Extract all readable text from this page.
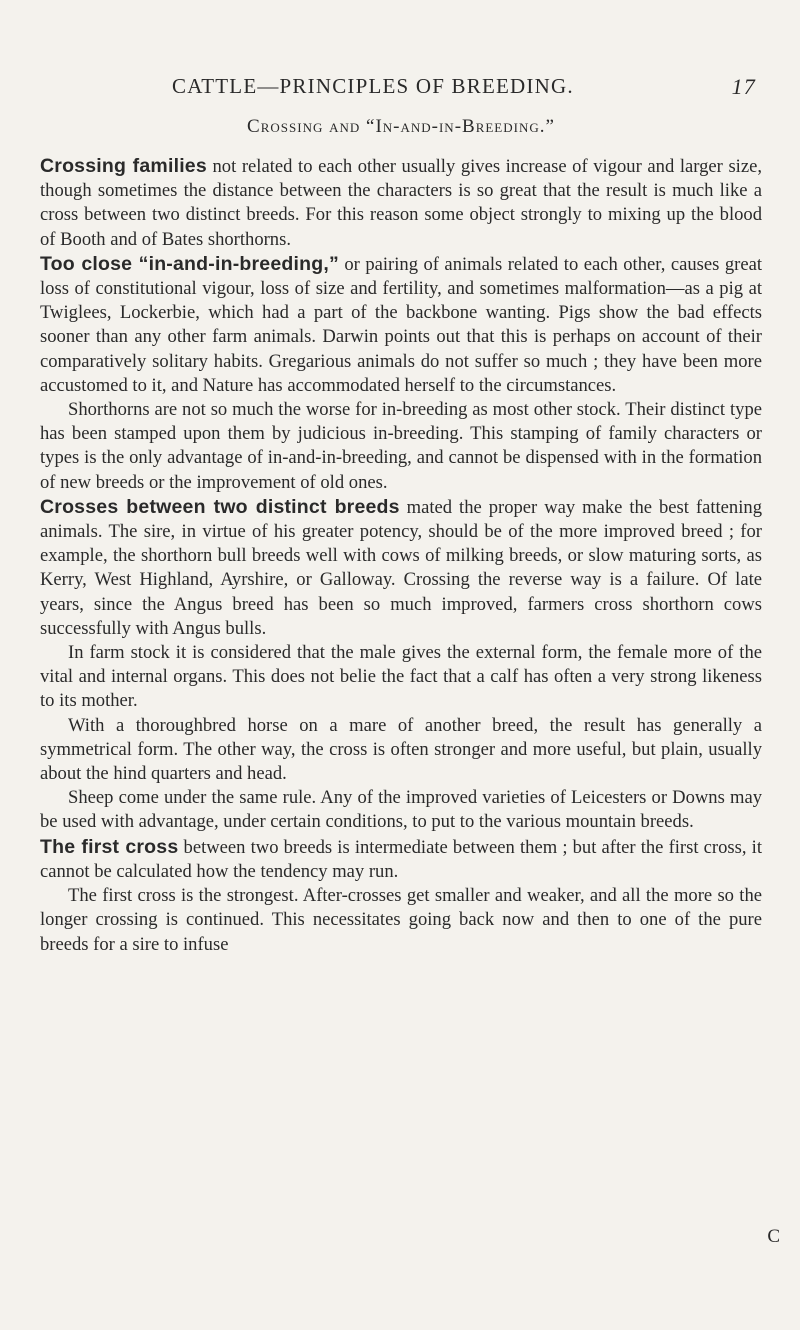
CATTLE—PRINCIPLES OF BREEDING.	17
Crossing and “In-and-in-Breeding.”

Crossing families not related to each other usually gives increase of vigour and larger size, though sometimes the distance between the characters is so great that the result is much like a cross between two distinct breeds. For this reason some object strongly to mixing up the blood of Booth and of Bates shorthorns.

Too close “in-and-in-breeding,” or pairing of animals related to each other, causes great loss of constitutional vigour, loss of size and fertility, and sometimes malformation—as a pig at Twiglees, Lockerbie, which had a part of the backbone wanting. Pigs show the bad effects sooner than any other farm animals. Darwin points out that this is perhaps on account of their comparatively solitary habits. Gregarious animals do not suffer so much ; they have been more accustomed to it, and Nature has accommodated herself to the circumstances.

Shorthorns are not so much the worse for in-breeding as most other stock. Their distinct type has been stamped upon them by judicious in-breeding. This stamping of family characters or types is the only advantage of in-and-in-breeding, and cannot be dispensed with in the formation of new breeds or the improvement of old ones.

Crosses between two distinct breeds mated the proper way make the best fattening animals. The sire, in virtue of his greater potency, should be of the more improved breed ; for example, the shorthorn bull breeds well with cows of milking breeds, or slow maturing sorts, as Kerry, West Highland, Ayrshire, or Galloway. Crossing the reverse way is a failure. Of late years, since the Angus breed has been so much improved, farmers cross shorthorn cows successfully with Angus bulls.

In farm stock it is considered that the male gives the external form, the female more of the vital and internal organs. This does not belie the fact that a calf has often a very strong likeness to its mother.

With a thoroughbred horse on a mare of another breed, the result has generally a symmetrical form. The other way, the cross is often stronger and more useful, but plain, usually about the hind quarters and head.

Sheep come under the same rule. Any of the improved varieties of Leicesters or Downs may be used with advantage, under certain conditions, to put to the various mountain breeds.

The first cross between two breeds is intermediate between them ; but after the first cross, it cannot be calculated how the tendency may run.

The first cross is the strongest. After-crosses get smaller and weaker, and all the more so the longer crossing is continued. This necessitates going back now and then to one of the pure breeds for a sire to infuse

C
